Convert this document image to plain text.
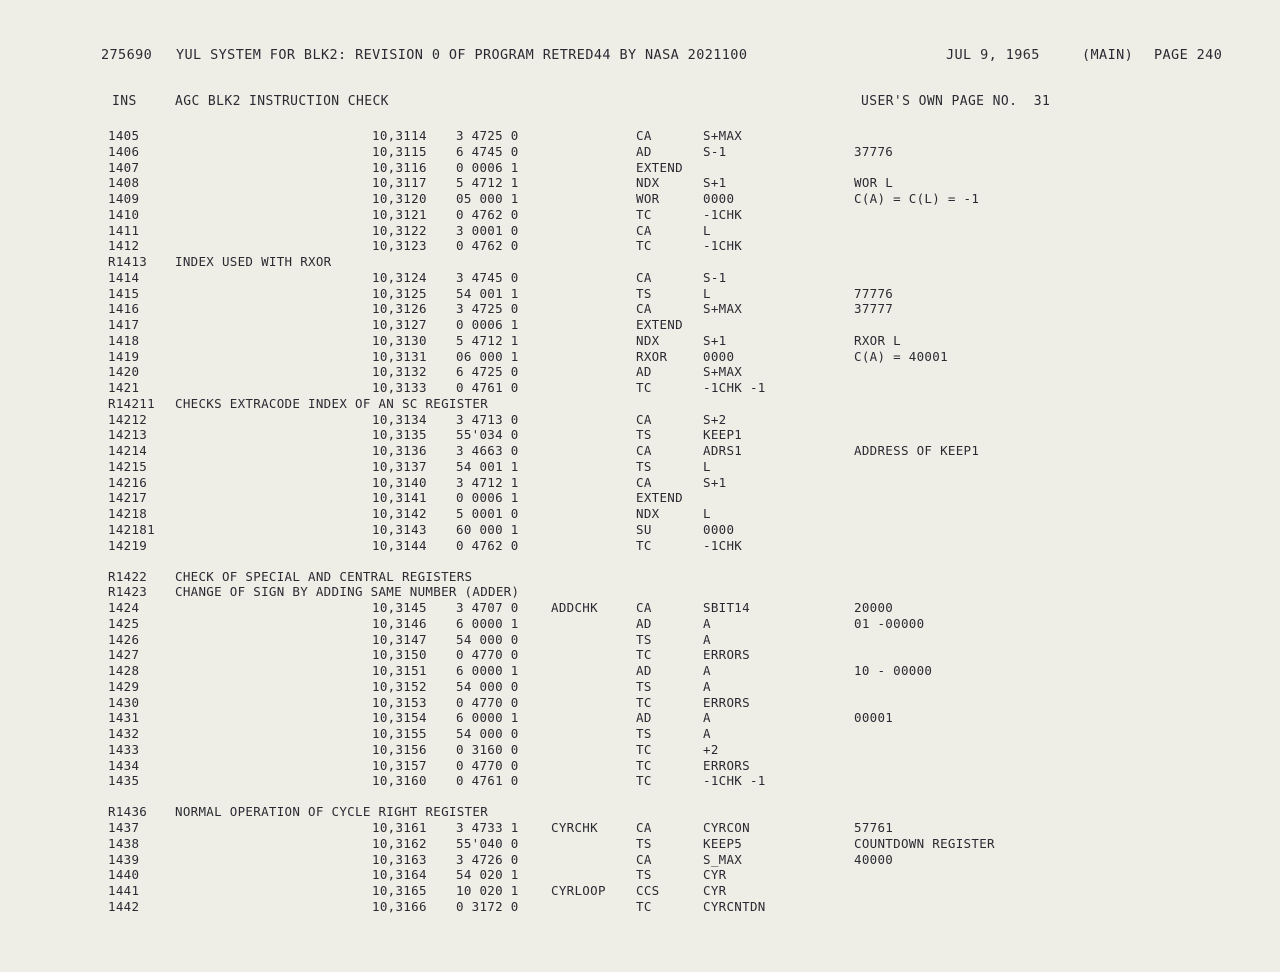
275690 YUL SYSTEM FOR BLK2: REVISION 0 OF PROGRAM RETRED44 BY NASA 2021100	JUL 9, 1965	(MAIN) PAGE 240
INS	AGC BLK2 INSTRUCTION CHECK	USER'S OWN PAGE NO.  31
1405	10,3114 3 4725 0	CA	S+MAX
1406	10,3115 6 4745 0	AD	S-1	37776
1407	10,3116 0 0006 1	EXTEND
1408	10,3117 5 4712 1	NDX	S+1	WOR L
1409	10,3120 05 000 1	WOR	0000	C(A) = C(L) = -1
1410	10,3121 0 4762 0	TC	-1CHK
1411	10,3122 3 0001 0	CA	L
1412	10,3123 0 4762 0	TC	-1CHK
R1413 INDEX USED WITH RXOR
1414	10,3124 3 4745 0	CA	S-1
1415	10,3125 54 001 1	TS	L	77776
1416	10,3126 3 4725 0	CA	S+MAX	37777
1417	10,3127 0 0006 1	EXTEND
1418	10,3130 5 4712 1	NDX	S+1	RXOR L
1419	10,3131 06 000 1	RXOR	0000	C(A) = 40001
1420	10,3132 6 4725 0	AD	S+MAX
1421	10,3133 0 4761 0	TC	-1CHK -1
R14211 CHECKS EXTRACODE INDEX OF AN SC REGISTER
14212	10,3134 3 4713 0	CA	S+2
14213	10,3135 55'034 0	TS	KEEP1
14214	10,3136 3 4663 0	CA	ADRS1	ADDRESS OF KEEP1
14215	10,3137 54 001 1	TS	L
14216	10,3140 3 4712 1	CA	S+1
14217	10,3141 0 0006 1	EXTEND
14218	10,3142 5 0001 0	NDX	L
142181	10,3143 60 000 1	SU	0000
14219	10,3144 0 4762 0	TC	-1CHK
R1422 CHECK OF SPECIAL AND CENTRAL REGISTERS
R1423 CHANGE OF SIGN BY ADDING SAME NUMBER (ADDER)
1424	10,3145 3 4707 0	ADDCHK	CA	SBIT14	20000
1425	10,3146 6 0000 1	AD	A	01 -00000
1426	10,3147 54 000 0	TS	A
1427	10,3150 0 4770 0	TC	ERRORS
1428	10,3151 6 0000 1	AD	A	10 - 00000
1429	10,3152 54 000 0	TS	A
1430	10,3153 0 4770 0	TC	ERRORS
1431	10,3154 6 0000 1	AD	A	00001
1432	10,3155 54 000 0	TS	A
1433	10,3156 0 3160 0	TC	+2
1434	10,3157 0 4770 0	TC	ERRORS
1435	10,3160 0 4761 0	TC	-1CHK -1
R1436 NORMAL OPERATION OF CYCLE RIGHT REGISTER
1437	10,3161 3 4733 1	CYRCHK	CA	CYRCON	57761
1438	10,3162 55'040 0	TS	KEEP5	COUNTDOWN REGISTER
1439	10,3163 3 4726 0	CA	S_MAX	40000
1440	10,3164 54 020 1	TS	CYR
1441	10,3165 10 020 1	CYRLOOP CCS	CYR
1442	10,3166 0 3172 0	TC	CYRCNTDN
